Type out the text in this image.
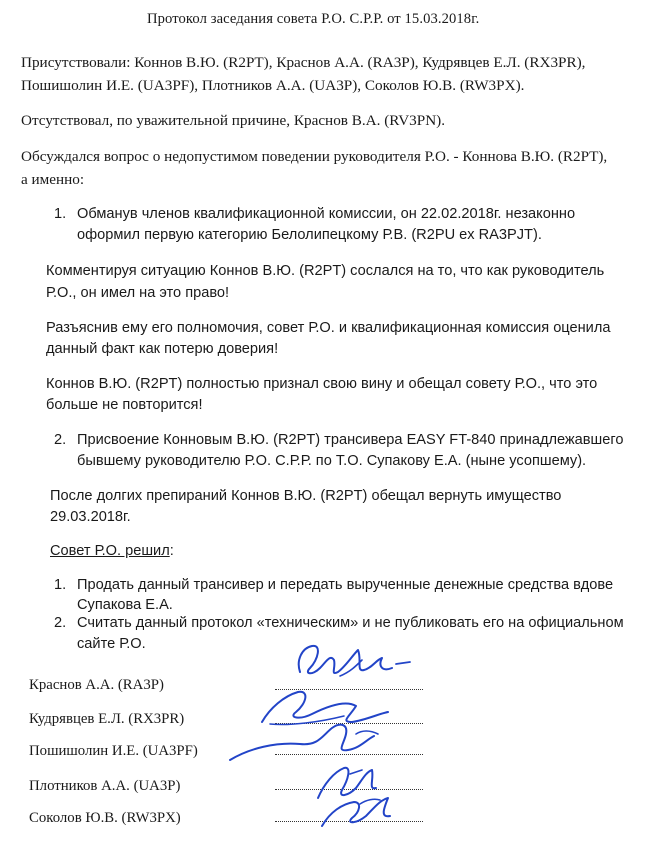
Протокол заседания совета Р.О. С.Р.Р. от 15.03.2018г.
Присутствовали: Коннов В.Ю. (R2PT), Краснов А.А. (RA3P), Кудрявцев Е.Л. (RX3PR),
Пошишолин И.Е. (UA3PF), Плотников А.А. (UA3P), Соколов Ю.В. (RW3PX).
Отсутствовал, по уважительной причине, Краснов В.А. (RV3PN).
Обсуждался вопрос о недопустимом поведении руководителя Р.О. - Коннова В.Ю. (R2PT),
а именно:
1. Обманув членов квалификационной комиссии, он 22.02.2018г. незаконно
оформил первую категорию Белолипецкому Р.В. (R2PU ex RA3PJT).
Комментируя ситуацию Коннов В.Ю. (R2PT) сослался на то, что как руководитель
Р.О., он имел на это право!
Разъяснив ему его полномочия, совет Р.О. и квалификационная комиссия оценила
данный факт как потерю доверия!
Коннов В.Ю. (R2PT) полностью признал свою вину и обещал совету Р.О., что это
больше не повторится!
2. Присвоение Конновым В.Ю. (R2PT) трансивера EASY FT-840 принадлежавшего
бывшему руководителю Р.О. С.Р.Р. по Т.О. Супакову Е.А. (ныне усопшему).
После долгих препираний Коннов В.Ю. (R2PT) обещал вернуть имущество
29.03.2018г.
Совет Р.О. решил:
1. Продать данный трансивер и передать вырученные денежные средства вдове
Супакова Е.А.
2. Считать данный протокол «техническим» и не публиковать его на официальном
сайте Р.О.
Краснов А.А. (RA3P)
Кудрявцев Е.Л. (RX3PR)
Пошишолин И.Е. (UA3PF)
Плотников А.А. (UA3P)
Соколов Ю.В. (RW3PX)
